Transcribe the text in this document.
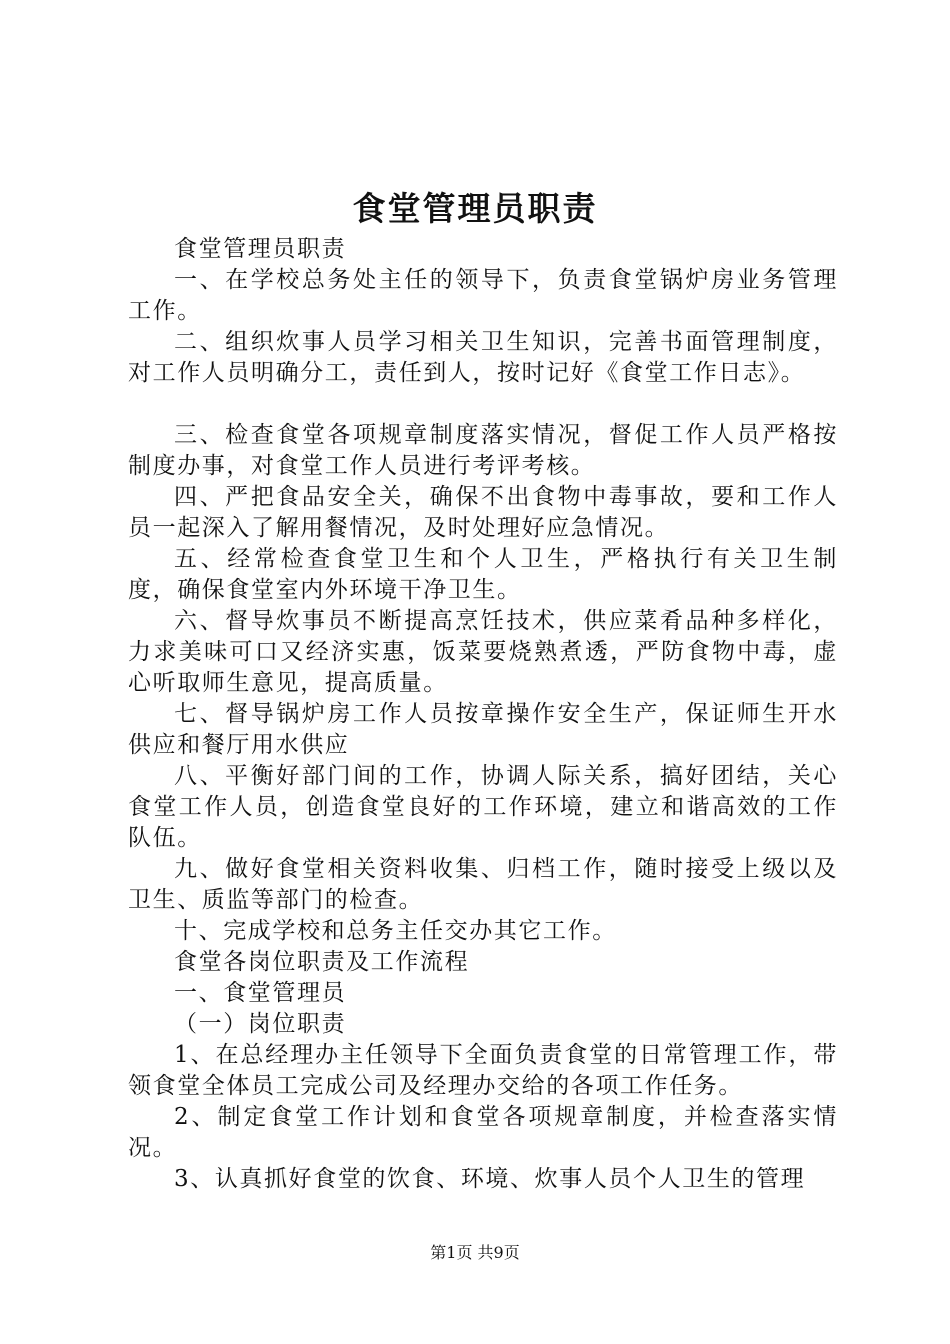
食堂管理员职责

食堂管理员职责

一、在学校总务处主任的领导下，负责食堂锅炉房业务管理工作。

二、组织炊事人员学习相关卫生知识，完善书面管理制度，对工作人员明确分工，责任到人，按时记好《食堂工作日志》。

三、检查食堂各项规章制度落实情况，督促工作人员严格按制度办事，对食堂工作人员进行考评考核。

四、严把食品安全关，确保不出食物中毒事故，要和工作人员一起深入了解用餐情况，及时处理好应急情况。

五、经常检查食堂卫生和个人卫生，严格执行有关卫生制度，确保食堂室内外环境干净卫生。

六、督导炊事员不断提高烹饪技术，供应菜肴品种多样化，力求美味可口又经济实惠，饭菜要烧熟煮透，严防食物中毒，虚心听取师生意见，提高质量。

七、督导锅炉房工作人员按章操作安全生产，保证师生开水供应和餐厅用水供应

八、平衡好部门间的工作，协调人际关系，搞好团结，关心食堂工作人员，创造食堂良好的工作环境，建立和谐高效的工作队伍。

九、做好食堂相关资料收集、归档工作，随时接受上级以及卫生、质监等部门的检查。

十、完成学校和总务主任交办其它工作。

食堂各岗位职责及工作流程

一、食堂管理员

（一）岗位职责

1、在总经理办主任领导下全面负责食堂的日常管理工作，带领食堂全体员工完成公司及经理办交给的各项工作任务。

2、制定食堂工作计划和食堂各项规章制度，并检查落实情况。

3、认真抓好食堂的饮食、环境、炊事人员个人卫生的管理

第1页 共9页
